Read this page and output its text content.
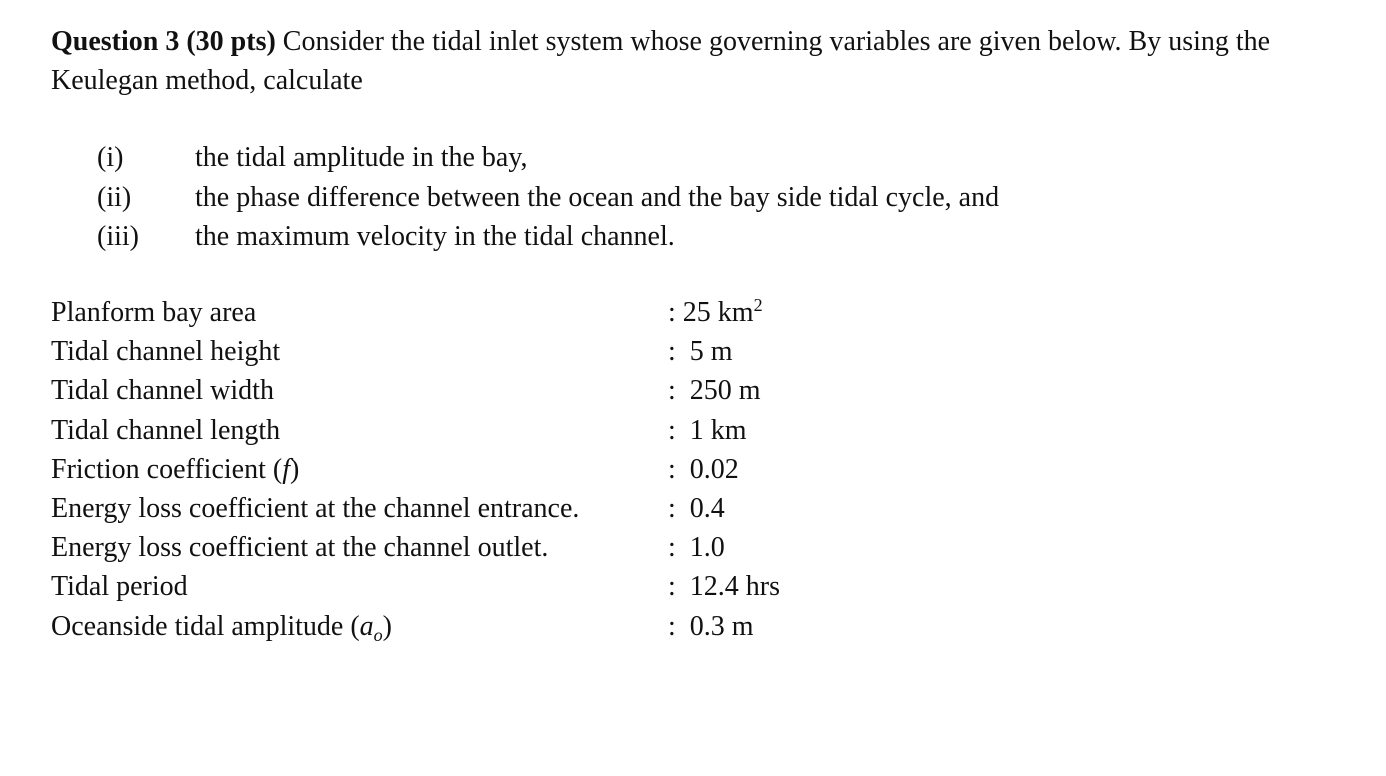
Question 3 (30 pts) Consider the tidal inlet system whose governing variables are given below. By using the Keulegan method, calculate

(i)	the tidal amplitude in the bay,
(ii)	the phase difference between the ocean and the bay side tidal cycle, and
(iii)	the maximum velocity in the tidal channel.
Planform bay area	: 25 $km^2$
Tidal channel height	:  5 m
Tidal channel width	:  250 m
Tidal channel length	:  1 km
Friction coefficient (f)	:  0.02
Energy loss coefficient at the channel entrance.	:  0.4
Energy loss coefficient at the channel outlet.	:  1.0
Tidal period	:  12.4 hrs
Oceanside tidal amplitude $(a_o)$	:  0.3 m
